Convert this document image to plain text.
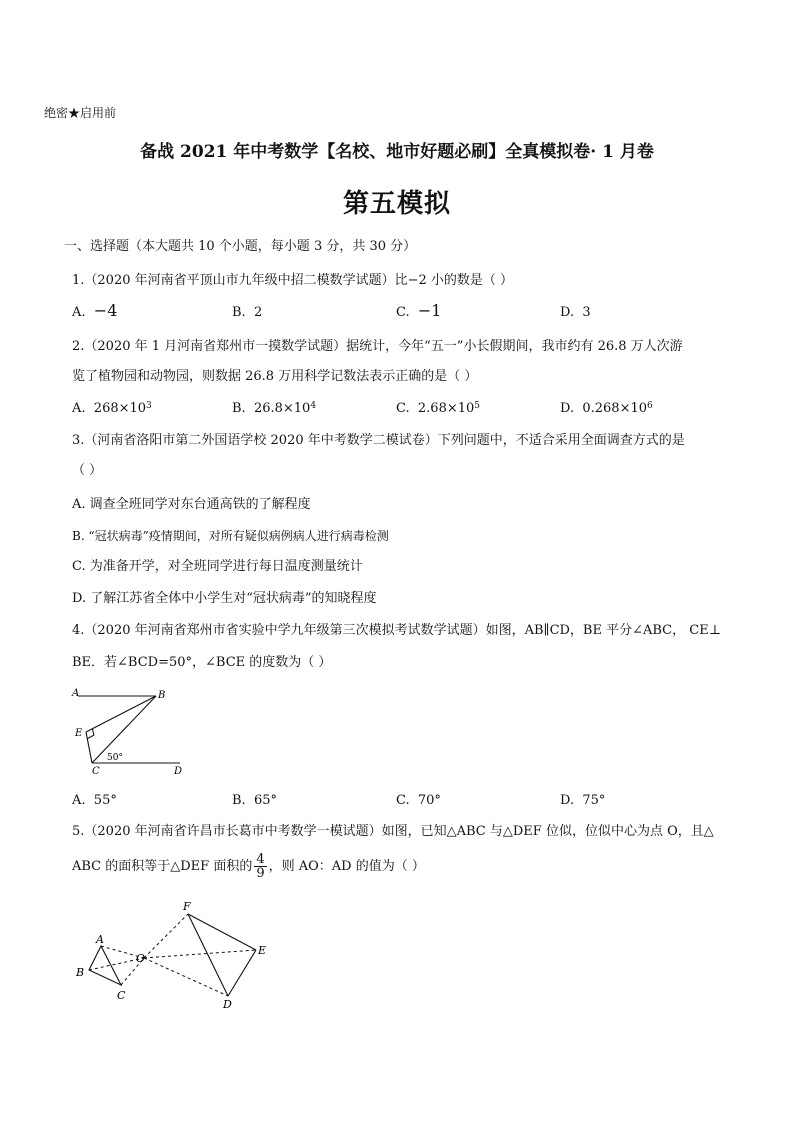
绝密★启用前
备战 2021 年中考数学【名校、地市好题必刷】全真模拟卷· 1 月卷
第五模拟
一、选择题（本大题共 10 个小题，每小题 3 分，共 30 分）
1.（2020 年河南省平顶山市九年级中招二模数学试题）比−2 小的数是（ ）
A. −4	B. 2	C. −1	D. 3
2.（2020 年 1 月河南省郑州市一摸数学试题）据统计，今年“五一”小长假期间，我市约有 26.8 万人次游
览了植物园和动物园，则数据 26.8 万用科学记数法表示正确的是（ ）
A. $268\times 10^3$	B. $26.8\times 10^4$	C. $2.68\times 10^5$	D. $0.268\times 10^6$
3.（河南省洛阳市第二外国语学校 2020 年中考数学二模试卷）下列问题中，不适合采用全面调查方式的是
（ ）
A. 调查全班同学对东台通高铁的了解程度
B. “冠状病毒”疫情期间，对所有疑似病例病人进行病毒检测
C. 为准备开学，对全班同学进行每日温度测量统计
D. 了解江苏省全体中小学生对“冠状病毒”的知晓程度
4.（2020 年河南省郑州市省实验中学九年级第三次模拟考试数学试题）如图，AB∥CD，BE 平分∠ABC， CE⊥
BE．若∠BCD=50°，∠BCE 的度数为（ ）
A	B
E
C	D
50°
A. 55°	B. 65°	C. 70°	D. 75°
5.（2020 年河南省许昌市长葛市中考数学一模试题）如图，已知△ABC 与△DEF 位似，位似中心为点 O，且△
ABC 的面积等于△DEF 面积的 $\frac{4}{9}$ ，则 AO：AD 的值为（ ）
A
B
C
O
F
E
D
